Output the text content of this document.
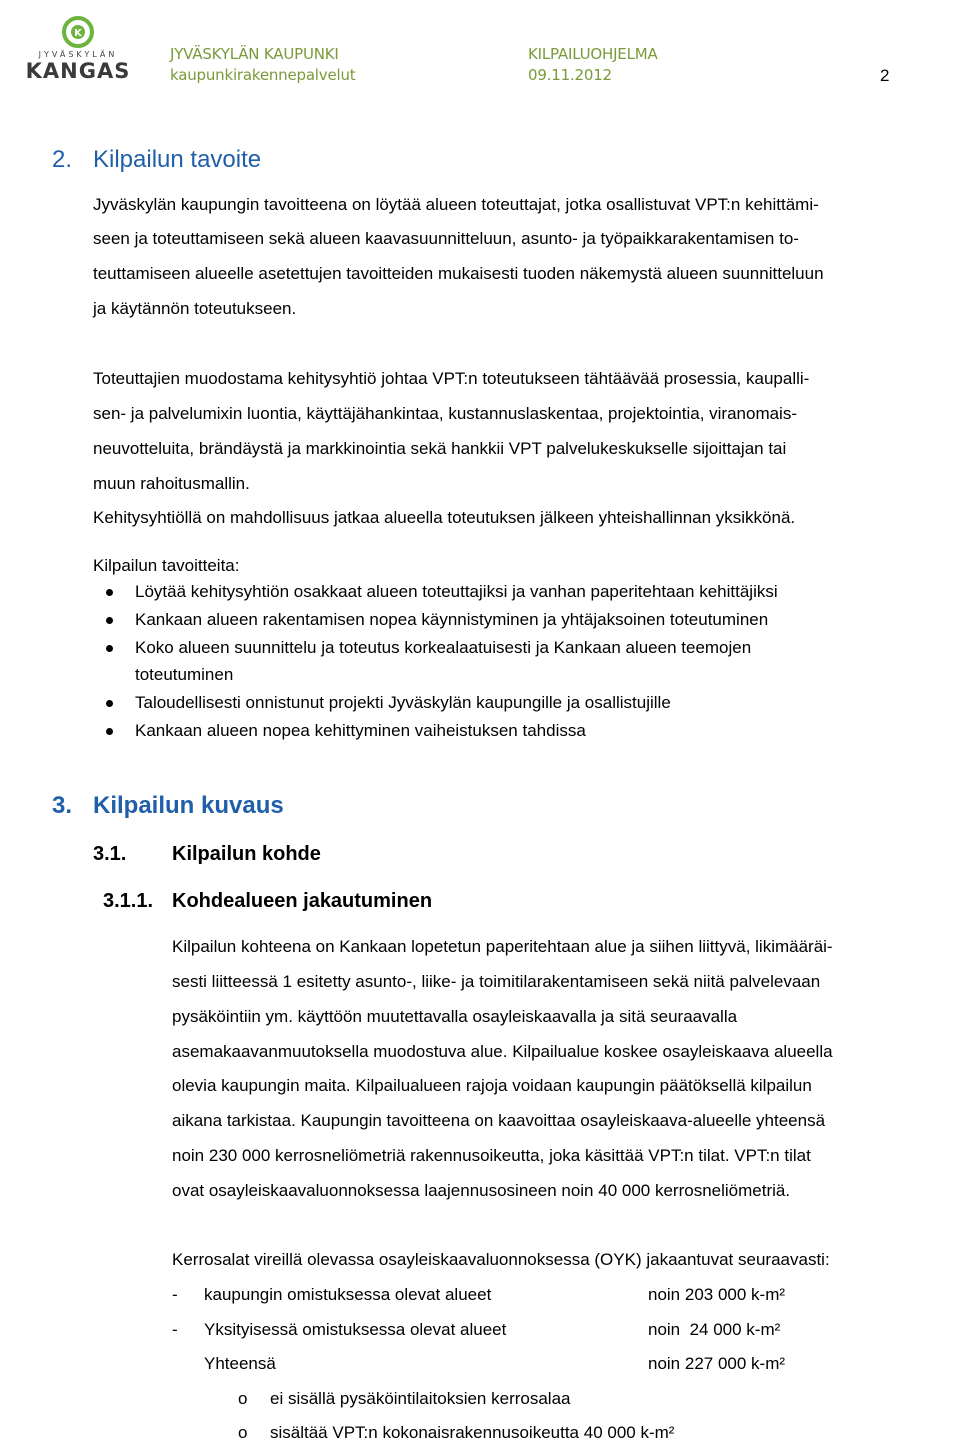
K
JYVÄSKYLÄN
KANGAS
JYVÄSKYLÄN KAUPUNKI
kaupunkirakennepalvelut
KILPAILUOHJELMA
09.11.2012	2
2. Kilpailun tavoite
Jyväskylän kaupungin tavoitteena on löytää alueen toteuttajat, jotka osallistuvat VPT:n kehittämi-
seen ja toteuttamiseen sekä alueen kaavasuunnitteluun, asunto- ja työpaikkarakentamisen to-
teuttamiseen alueelle asetettujen tavoitteiden mukaisesti tuoden näkemystä alueen suunnitteluun
ja käytännön toteutukseen.
Toteuttajien muodostama kehitysyhtiö johtaa VPT:n toteutukseen tähtäävää prosessia, kaupalli-
sen- ja palvelumixin luontia, käyttäjähankintaa, kustannuslaskentaa, projektointia, viranomais-
neuvotteluita, brändäystä ja markkinointia sekä hankkii VPT palvelukeskukselle sijoittajan tai
muun rahoitusmallin.
Kehitysyhtiöllä on mahdollisuus jatkaa alueella toteutuksen jälkeen yhteishallinnan yksikkönä.
Kilpailun tavoitteita:
Löytää kehitysyhtiön osakkaat alueen toteuttajiksi ja vanhan paperitehtaan kehittäjiksi
Kankaan alueen rakentamisen nopea käynnistyminen ja yhtäjaksoinen toteutuminen
Koko alueen suunnittelu ja toteutus korkealaatuisesti ja Kankaan alueen teemojen
toteutuminen
Taloudellisesti onnistunut projekti Jyväskylän kaupungille ja osallistujille
Kankaan alueen nopea kehittyminen vaiheistuksen tahdissa
3. Kilpailun kuvaus
3.1. Kilpailun kohde
3.1.1. Kohdealueen jakautuminen
Kilpailun kohteena on Kankaan lopetetun paperitehtaan alue ja siihen liittyvä, likimääräi-
sesti liitteessä 1 esitetty asunto-, liike- ja toimitilarakentamiseen sekä niitä palvelevaan
pysäköintiin ym. käyttöön muutettavalla osayleiskaavalla ja sitä seuraavalla
asemakaavanmuutoksella muodostuva alue. Kilpailualue koskee osayleiskaava alueella
olevia kaupungin maita. Kilpailualueen rajoja voidaan kaupungin päätöksellä kilpailun
aikana tarkistaa. Kaupungin tavoitteena on kaavoittaa osayleiskaava-alueelle yhteensä
noin 230 000 kerrosneliömetriä rakennusoikeutta, joka käsittää VPT:n tilat. VPT:n tilat
ovat osayleiskaavaluonnoksessa laajennusosineen noin 40 000 kerrosneliömetriä.
Kerrosalat vireillä olevassa osayleiskaavaluonnoksessa (OYK) jakaantuvat seuraavasti:
- kaupungin omistuksessa olevat alueet	noin 203 000 k-m²
- Yksityisessä omistuksessa olevat alueet	noin  24 000 k-m²
Yhteensä	noin 227 000 k-m²
o ei sisällä pysäköintilaitoksien kerrosalaa
o sisältää VPT:n kokonaisrakennusoikeutta 40 000 k-m²
